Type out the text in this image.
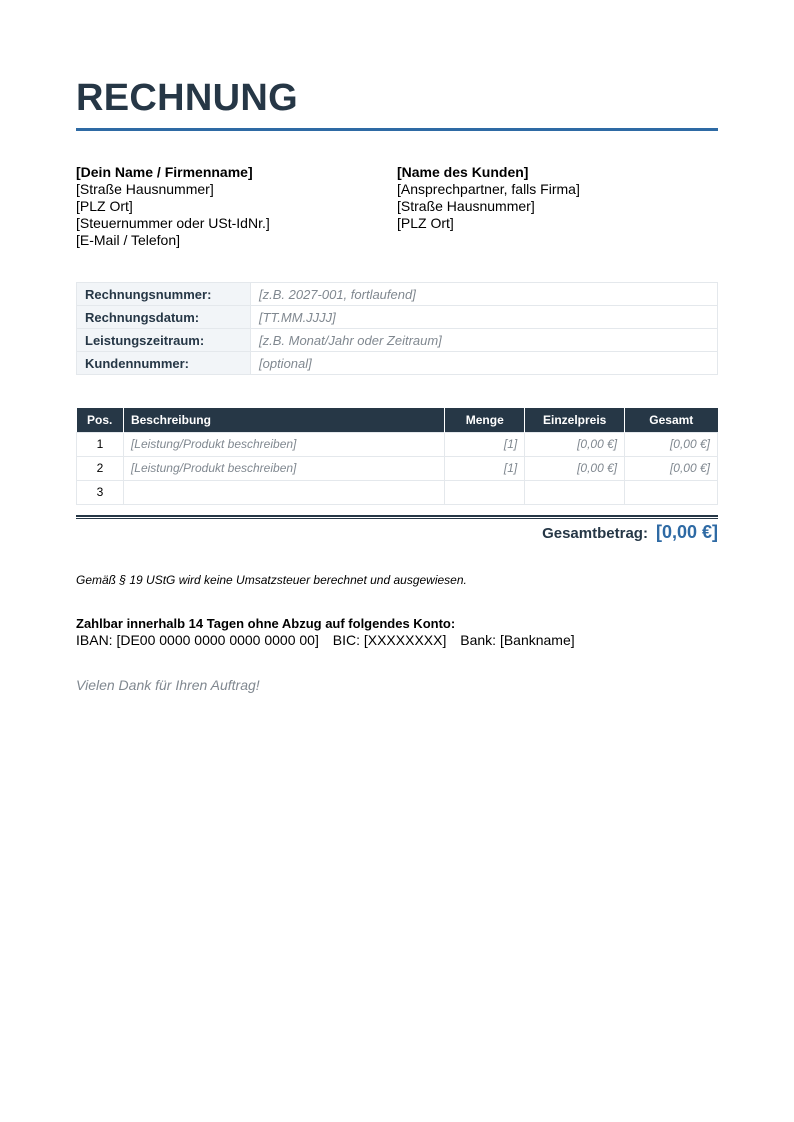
RECHNUNG
[Dein Name / Firmenname]
[Straße Hausnummer]
[PLZ Ort]
[Steuernummer oder USt-IdNr.]
[E-Mail / Telefon]
[Name des Kunden]
[Ansprechpartner, falls Firma]
[Straße Hausnummer]
[PLZ Ort]
Rechnungsnummer:	[z.B. 2027-001, fortlaufend]
Rechnungsdatum:	[TT.MM.JJJJ]
Leistungszeitraum:	[z.B. Monat/Jahr oder Zeitraum]
Kundennummer:	[optional]
Pos.	Beschreibung	Menge	Einzelpreis	Gesamt
1	[Leistung/Produkt beschreiben]	[1]	[0,00 €]	[0,00 €]
2	[Leistung/Produkt beschreiben]	[1]	[0,00 €]	[0,00 €]
3				
Gesamtbetrag: [0,00 €]
Gemäß § 19 UStG wird keine Umsatzsteuer berechnet und ausgewiesen.
Zahlbar innerhalb 14 Tagen ohne Abzug auf folgendes Konto:
IBAN: [DE00 0000 0000 0000 0000 00] BIC: [XXXXXXXX] Bank: [Bankname]
Vielen Dank für Ihren Auftrag!
